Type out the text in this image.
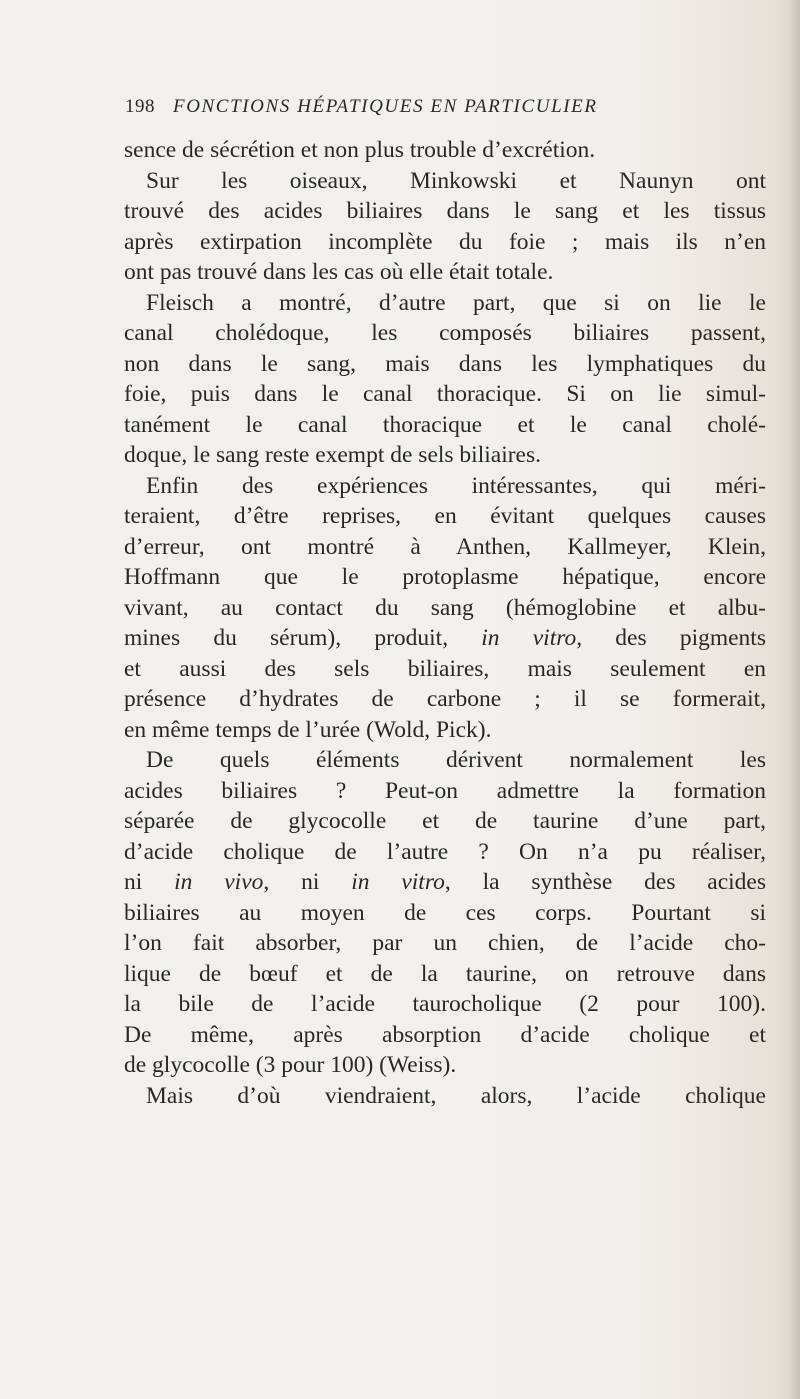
198 FONCTIONS HÉPATIQUES EN PARTICULIER
sence de sécrétion et non plus trouble d’excrétion.
Sur les oiseaux, Minkowski et Naunyn ont
trouvé des acides biliaires dans le sang et les tissus
après extirpation incomplète du foie ; mais ils n’en
ont pas trouvé dans les cas où elle était totale.
Fleisch a montré, d’autre part, que si on lie le
canal cholédoque, les composés biliaires passent,
non dans le sang, mais dans les lymphatiques du
foie, puis dans le canal thoracique. Si on lie simul-
tanément le canal thoracique et le canal cholé-
doque, le sang reste exempt de sels biliaires.
Enfin des expériences intéressantes, qui méri-
teraient, d’être reprises, en évitant quelques causes
d’erreur, ont montré à Anthen, Kallmeyer, Klein,
Hoffmann que le protoplasme hépatique, encore
vivant, au contact du sang (hémoglobine et albu-
mines du sérum), produit, in vitro, des pigments
et aussi des sels biliaires, mais seulement en
présence d’hydrates de carbone ; il se formerait,
en même temps de l’urée (Wold, Pick).
De quels éléments dérivent normalement les
acides biliaires ? Peut-on admettre la formation
séparée de glycocolle et de taurine d’une part,
d’acide cholique de l’autre ? On n’a pu réaliser,
ni in vivo, ni in vitro, la synthèse des acides
biliaires au moyen de ces corps. Pourtant si
l’on fait absorber, par un chien, de l’acide cho-
lique de bœuf et de la taurine, on retrouve dans
la bile de l’acide taurocholique (2 pour 100).
De même, après absorption d’acide cholique et
de glycocolle (3 pour 100) (Weiss).
Mais d’où viendraient, alors, l’acide cholique
